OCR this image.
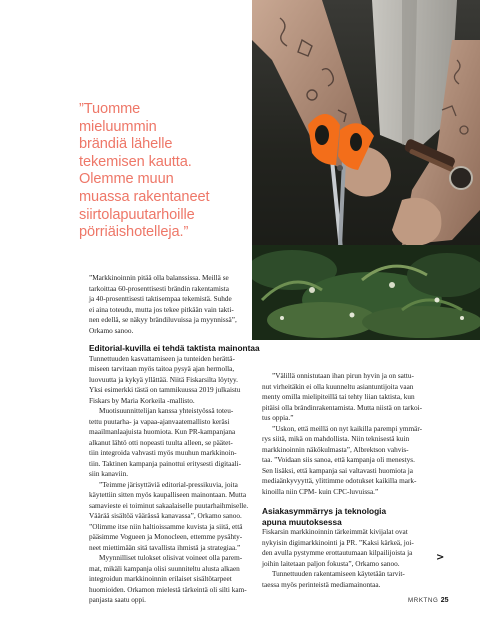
”Tuomme
mieluummin
brändiä lähelle
tekemisen kautta.
Olemme muun
muassa rakentaneet
siirtolapuutarhoille
pörriäishotelleja.”

”Markkinoinnin pitää olla balanssissa. Meillä se

tarkoittaa 60-prosenttisesti brändin rakentamista

ja 40-prosenttisesti taktisempaa tekemistä. Suhde

ei aina toteudu, mutta jos tekee pitkään vain takti-

nen edellä, se näkyy brändiluvuissa ja myynnissä”,

Orkamo sanoo.

Editorial-kuvilla ei tehdä taktista mainontaa

Tunnettuuden kasvattamiseen ja tunteiden herättä-

miseen tarvitaan myös taitoa pysyä ajan hermolla,

luovuutta ja kykyä yllättää. Niitä Fiskarsilta löytyy.

Yksi esimerkki tästä on tammikuussa 2019 julkaistu

Fiskars by Maria Korkeila -mallisto.

Muotisuunnittelijan kanssa yhteistyössä toteu-

tettu puutarha- ja vapaa-ajanvaatemallisto keräsi

maailmanlaajuista huomiota. Kun PR-kampanjana

alkanut lähtö otti nopeasti tuulta alleen, se päätet-

tiin integroida vahvasti myös muuhun markkinoin-

tiin. Taktinen kampanja painottui eritysesti digitaali-

siin kanaviin.

”Teimme järisyttäviä editorial-pressikuvia, joita

käytettiin sitten myös kaupalliseen mainontaan. Mutta

samavieste ei toiminut sakaalaiselle puutarhaihmiselle.

Väärää sisältöä väärässä kanavassa”, Orkamo sanoo.

”Olimme itse niin haltioissamme kuvista ja siitä, että

pääsimme Vogueen ja Monocleen, ettemme pysähty-

neet miettimään sitä tavallista ihmistä ja strategiaa.”

Myynnilliset tulokset olisivat voineet olla parem-

mat, mikäli kampanja olisi suunniteltu alusta alkaen

integroidun markkinoinnin erilaiset sisältötarpeet

huomioiden. Orkamon mielestä tärkeintä oli silti kam-

panjasta saatu oppi.

”Välillä onnistutaan ihan pirun hyvin ja on sattu-

nut virheitäkin ei olla kuunneltu asiantuntijoita vaan

menty omilla mielipiteillä tai tehty liian taktista, kun

pitäisi olla brändinrakentamista. Mutta niistä on tarkoi-

tus oppia.”

”Uskon, että meillä on nyt kaikilla parempi ymmär-

rys siitä, mikä on mahdollista. Niin teknisestä kuin

markkinoinnin näkökulmasta”, Albrektson vahvis-

taa. ”Voidaan siis sanoa, että kampanja oli menestys.

Sen lisäksi, että kampanja sai valtavasti huomiota ja

mediaänkyvyyttä, ylittimme odotukset kaikilla mark-

kinoilla niin CPM- kuin CPC-luvuissa.”

Asiakasymmärrys ja teknologia
apuna muutoksessa

Fiskarsin markkinoinnin tärkeimmät kivijalat ovat

nykyisin digimarkkinointi ja PR. ”Kaksi kärkeä, joi-

den avulla pystymme erottautumaan kilpailijoista ja

joihin laitetaan paljon fokusta”, Orkamo sanoo.

Tunnettuuden rakentamiseen käytetään tarvit-

taessa myös perinteistä mediamainontaa.

>
MRKTNG 25
